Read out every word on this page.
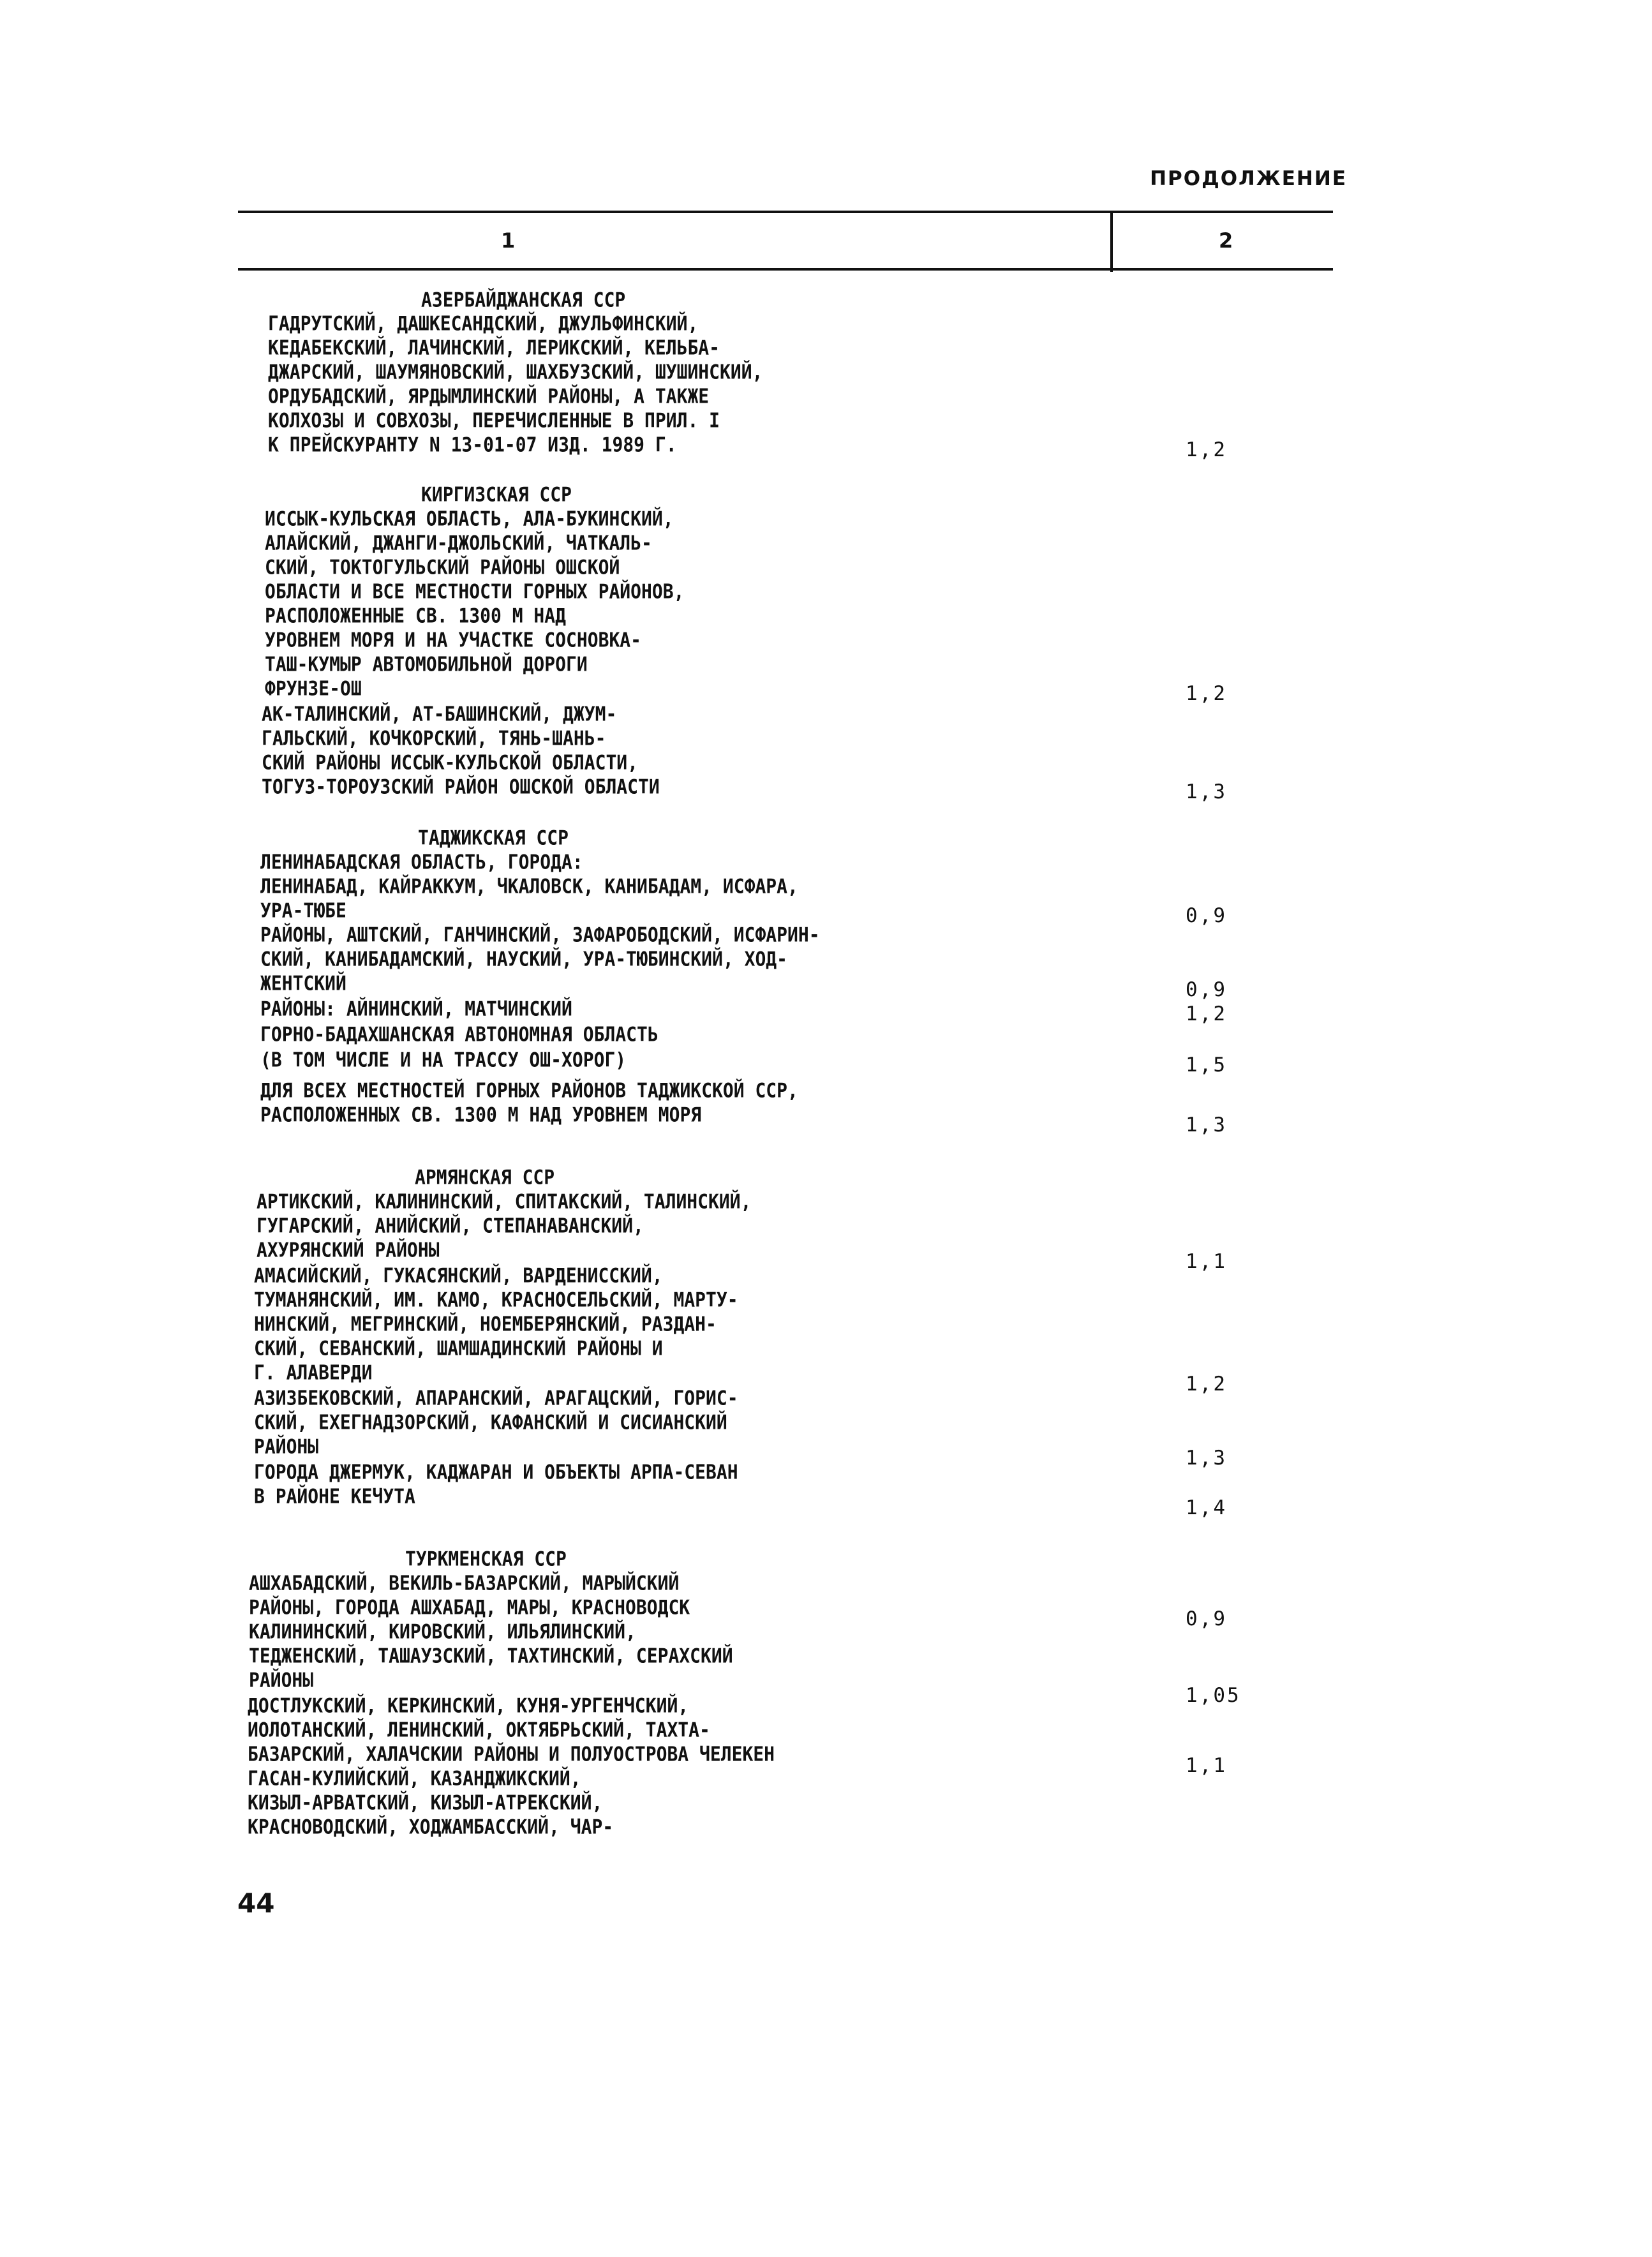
ПРОДОЛЖЕНИЕ
1	2
АЗЕРБАЙДЖАНСКАЯ ССР
ГАДРУТСКИЙ, ДАШКЕСАНДСКИЙ, ДЖУЛЬФИНСКИЙ,
КЕДАБЕКСКИЙ, ЛАЧИНСКИЙ, ЛЕРИКСКИЙ, КЕЛЬБА-
ДЖАРСКИЙ, ШАУМЯНОВСКИЙ, ШАХБУЗСКИЙ, ШУШИНСКИЙ,
ОРДУБАДСКИЙ, ЯРДЫМЛИНСКИЙ РАЙОНЫ, А ТАКЖЕ
КОЛХОЗЫ И СОВХОЗЫ, ПЕРЕЧИСЛЕННЫЕ В ПРИЛ. I
К ПРЕЙСКУРАНТУ N 13-01-07 ИЗД. 1989 Г.
КИРГИЗСКАЯ ССР
ИССЫК-КУЛЬСКАЯ ОБЛАСТЬ, АЛА-БУКИНСКИЙ,
АЛАЙСКИЙ, ДЖАНГИ-ДЖОЛЬСКИЙ, ЧАТКАЛЬ-
СКИЙ, ТОКТОГУЛЬСКИЙ РАЙОНЫ ОШСКОЙ
ОБЛАСТИ И ВСЕ МЕСТНОСТИ ГОРНЫХ РАЙОНОВ,
РАСПОЛОЖЕННЫЕ СВ. 1300 М НАД
УРОВНЕМ МОРЯ И НА УЧАСТКЕ СОСНОВКА-
ТАШ-КУМЫР АВТОМОБИЛЬНОЙ ДОРОГИ
ФРУНЗЕ-ОШ
АК-ТАЛИНСКИЙ, АТ-БАШИНСКИЙ, ДЖУМ-
ГАЛЬСКИЙ, КОЧКОРСКИЙ, ТЯНЬ-ШАНЬ-
СКИЙ РАЙОНЫ ИССЫК-КУЛЬСКОЙ ОБЛАСТИ,
ТОГУЗ-ТОРОУЗСКИЙ РАЙОН ОШСКОЙ ОБЛАСТИ
ТАДЖИКСКАЯ ССР
ЛЕНИНАБАДСКАЯ ОБЛАСТЬ, ГОРОДА:
ЛЕНИНАБАД, КАЙРАККУМ, ЧКАЛОВСК, КАНИБАДАМ, ИСФАРА,
УРА-ТЮБЕ
РАЙОНЫ, АШТСКИЙ, ГАНЧИНСКИЙ, ЗАФАРОБОДСКИЙ, ИСФАРИН-
СКИЙ, КАНИБАДАМСКИЙ, НАУСКИЙ, УРА-ТЮБИНСКИЙ, ХОД-
ЖЕНТСКИЙ
РАЙОНЫ: АЙНИНСКИЙ, МАТЧИНСКИЙ
ГОРНО-БАДАХШАНСКАЯ АВТОНОМНАЯ ОБЛАСТЬ
(В ТОМ ЧИСЛЕ И НА ТРАССУ ОШ-ХОРОГ)
ДЛЯ ВСЕХ МЕСТНОСТЕЙ ГОРНЫХ РАЙОНОВ ТАДЖИКСКОЙ ССР,
РАСПОЛОЖЕННЫХ СВ. 1300 М НАД УРОВНЕМ МОРЯ
АРМЯНСКАЯ ССР
АРТИКСКИЙ, КАЛИНИНСКИЙ, СПИТАКСКИЙ, ТАЛИНСКИЙ,
ГУГАРСКИЙ, АНИЙСКИЙ, СТЕПАНАВАНСКИЙ,
АХУРЯНСКИЙ РАЙОНЫ
АМАСИЙСКИЙ, ГУКАСЯНСКИЙ, ВАРДЕНИССКИЙ,
ТУМАНЯНСКИЙ, ИМ. КАМО, КРАСНОСЕЛЬСКИЙ, МАРТУ-
НИНСКИЙ, МЕГРИНСКИЙ, НОЕМБЕРЯНСКИЙ, РАЗДАН-
СКИЙ, СЕВАНСКИЙ, ШАМШАДИНСКИЙ РАЙОНЫ И
Г. АЛАВЕРДИ
АЗИЗБЕКОВСКИЙ, АПАРАНСКИЙ, АРАГАЦСКИЙ, ГОРИС-
СКИЙ, ЕХЕГНАДЗОРСКИЙ, КАФАНСКИЙ И СИСИАНСКИЙ
РАЙОНЫ
ГОРОДА ДЖЕРМУК, КАДЖАРАН И ОБЪЕКТЫ АРПА-СЕВАН
В РАЙОНЕ КЕЧУТА
ТУРКМЕНСКАЯ ССР
АШХАБАДСКИЙ, ВЕКИЛЬ-БАЗАРСКИЙ, МАРЫЙСКИЙ
РАЙОНЫ, ГОРОДА АШХАБАД, МАРЫ, КРАСНОВОДСК
КАЛИНИНСКИЙ, КИРОВСКИЙ, ИЛЬЯЛИНСКИЙ,
ТЕДЖЕНСКИЙ, ТАШАУЗСКИЙ, ТАХТИНСКИЙ, СЕРАХСКИЙ
РАЙОНЫ
ДОСТЛУКСКИЙ, КЕРКИНСКИЙ, КУНЯ-УРГЕНЧСКИЙ,
ИОЛОТАНСКИЙ, ЛЕНИНСКИЙ, ОКТЯБРЬСКИЙ, ТАХТА-
БАЗАРСКИЙ, ХАЛАЧСКИИ РАЙОНЫ И ПОЛУОСТРОВА ЧЕЛЕКЕН
ГАСАН-КУЛИЙСКИЙ, КАЗАНДЖИКСКИЙ,
КИЗЫЛ-АРВАТСКИЙ, КИЗЫЛ-АТРЕКСКИЙ,
КРАСНОВОДСКИЙ, ХОДЖАМБАССКИЙ, ЧАР-
1,2
1,2
1,3
0,9
0,9
1,2
1,5
1,3
1,1
1,2
1,3
1,4
0,9
1,05
1,1
44
